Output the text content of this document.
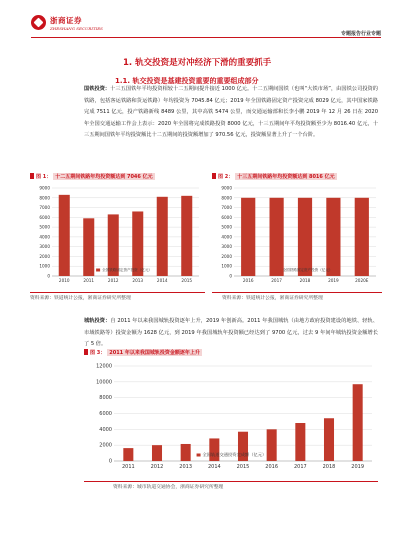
浙商证券
ZHESHANG SECURITIES
专题报告行业专题
1. 轨交投资是对冲经济下滑的重要抓手
1.1. 轨交投资是基建投资重要的重要组成部分
国铁投资：十三五国铁年平均投资相较十二五期间提升接近 1000 亿元。十二五期间国铁（也叫“大铁市场”，由国铁公司投资的铁路，包括客运铁路和货运铁路）年均投资为 7045.84 亿元；2019 年全国铁路固定资产投资完成 8029 亿元，其中国家铁路完成 7511 亿元，投产铁路新线 8489 公里，其中高铁 5474 公里，而交通运输部和长李小鹏 2019 年 12 月 26 日在 2020 年全国交通运输工作会上表示：2020 年全国将完成铁路投资 8000 亿元，十三五期间年平均投资额至少为 8016.40 亿元，十三五期间国铁年平均投资额比十二五期间的投资额增加了 970.56 亿元，投资额显著上升了一个台阶。
图 1： 十二五期间铁路年均投资额达到 7046 亿元
0
1000
2000
3000
4000
5000
6000
7000
8000
9000
2010	2011	2012	2013	2014	2015
全国铁路固定资产投资（亿元）
资料来源：铁道统计公报，浙商证券研究所整理
图 2： 十三五期间铁路年均投资额达到 8016 亿元
0
1000
2000
3000
4000
5000
6000
7000
8000
9000
2016	2017	2018	2019	2020E
全国铁路固定资产投资（亿元）
资料来源：铁道统计公报，浙商证券研究所整理
城轨投资：自 2011 年以来我国城轨投资逐年上升，2019 年创新高。2011 年我国城轨（由地方政府投资建设的地铁、轻轨、市域铁路等）投资金额为 1628 亿元，到 2019 年我国城轨年投资额已经达到了 9700 亿元，过去 9 年间年城轨投资金额增长了 5 倍。
图 3： 2011 年以来我国城轨投资金额逐年上升
0
2000
4000
6000
8000
10000
12000
2011	2012	2013	2014	2015	2016	2017	2018	2019
全国轨道交通投资完成额（亿元）
资料来源：城市轨道交通协会，浙商证券研究所整理
